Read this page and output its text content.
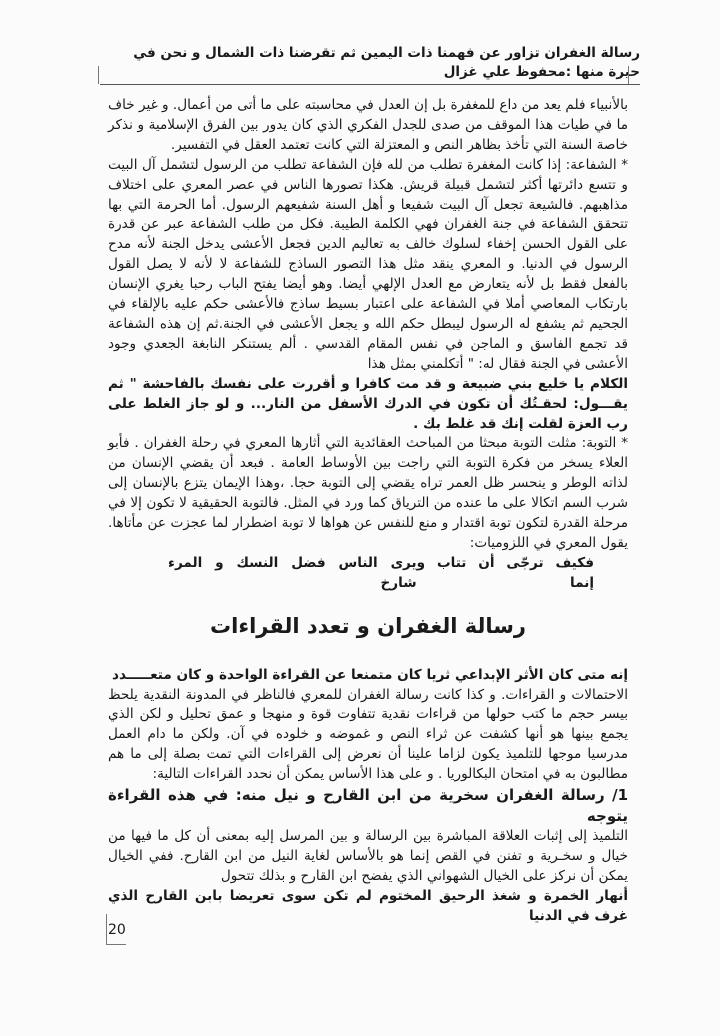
رسالة الغفران تزاور عن فهمنا ذات اليمين ثم تقرضنا ذات الشمال و نحن في حيرة منها :محفوظ علي غزال

بالأنبياء فلم يعد من داع للمغفرة بل إن العدل في محاسبته على ما أتى من أعمال. و غير خاف ما في طيات هذا الموقف من صدى للجدل الفكري الذي كان يدور بين الفرق الإسلامية و نذكر خاصة السنة التي تأخذ بظاهر النص و المعتزلة التي كانت تعتمد العقل في التفسير.

* الشفاعة: إذا كانت المغفرة تطلب من لله فإن الشفاعة تطلب من الرسول لتشمل آل البيت و تتسع دائرتها أكثر لتشمل قبيلة قريش. هكذا تصورها الناس في عصر المعري على اختلاف مذاهبهم. فالشيعة تجعل آل البيت شفيعا و أهل السنة شفيعهم الرسول. أما الحرمة التي بها تتحقق الشفاعة في جنة الغفران فهي الكلمة الطيبة. فكل من طلب الشفاعة عبر عن قدرة على القول الحسن إخفاء لسلوك خالف به تعاليم الدين فجعل الأعشى يدخل الجنة لأنه مدح الرسول في الدنيا. و المعري ينقد مثل هذا التصور الساذج للشفاعة لا لأنه لا يصل القول بالفعل فقط بل لأنه يتعارض مع العدل الإلهي أيضا. وهو أيضا يفتح الباب رحبا يغري الإنسان بارتكاب المعاصي أملا في الشفاعة على اعتبار بسيط ساذج فالأعشى حكم عليه بالإلقاء في الجحيم ثم يشفع له الرسول ليبطل حكم الله و يجعل الأعشى في الجنة.ثم إن هذه الشفاعة قد تجمع الفاسق و الماجن في نفس المقام القدسي . ألم يستنكر النابغة الجعدي وجود الأعشى في الجنة فقال له: " أتكلمني بمثل هذا

الكلام يا خليع بني ضبيعة و قد مت كافرا و أقررت على نفسك بالفاحشة " ثم يقـــول: لحقـتُك أن تكون في الدرك الأسفل من النار... و لو جاز الغلط على رب العزة لقلت إنك قد غلط بك .

* التوبة: مثلت التوبة مبحثا من المباحث العقائدية التي أثارها المعري في رحلة الغفران . فأبو العلاء يسخر من فكرة التوبة التي راجت بين الأوساط العامة . فبعد أن يقضي الإنسان من لذاته الوطر و ينحسر ظل العمر تراه يقضي إلى التوبة حجا. ،وهذا الإيمان يتزع بالإنسان إلى شرب السم اتكالا على ما عنده من الترياق كما ورد في المثل. فالتوبة الحقيقية لا تكون إلا في مرحلة القدرة لتكون توبة اقتدار و منع للنفس عن هواها لا توبة اضطرار لما عجزت عن مأتاها. يقول المعري في اللزوميات:

فكيف ترجّى أن تتاب و إنما
يرى الناس فضل النسك و المرء شارخ
رسالة الغفران و تعدد القراءات

إنه متى كان الأثر الإبداعي ثريا كان متمنعا عن القراءة الواحدة و كان متعـــــدد

الاحتمالات و القراءات. و كذا كانت رسالة الغفران للمعري فالناظر في المدونة النقدية يلحظ بيسر حجم ما كتب حولها من قراءات نقدية تتفاوت قوة و منهجا و عمق تحليل و لكن الذي يجمع بينها هو أنها كشفت عن ثراء النص و غموضه و خلوده في آن. ولكن ما دام العمل مدرسيا موجها للتلميذ يكون لزاما علينا أن نعرض إلى القراءات التي تمت بصلة إلى ما هم مطالبون به في امتحان البكالوريا . و على هذا الأساس يمكن أن نحدد القراءات التالية:

1/ رسالة الغفران سخرية من ابن القارح و نيل منه: في هذه القراءة يتوجه

التلميذ إلى إثبات العلاقة المباشرة بين الرسالة و بين المرسل إليه بمعنى أن كل ما فيها من خيال و سخـرية و تفنن في القص إنما هو بالأساس لغاية النيل من ابن القارح. ففي الخيال يمكن أن نركز على الخيال الشهواني الذي يفضح ابن القارح و بذلك تتحول

أنهار الخمرة و شغذ الرحيق المختوم لم تكن سوى تعريضا بابن القارح الذي غرف في الدنيا

20
